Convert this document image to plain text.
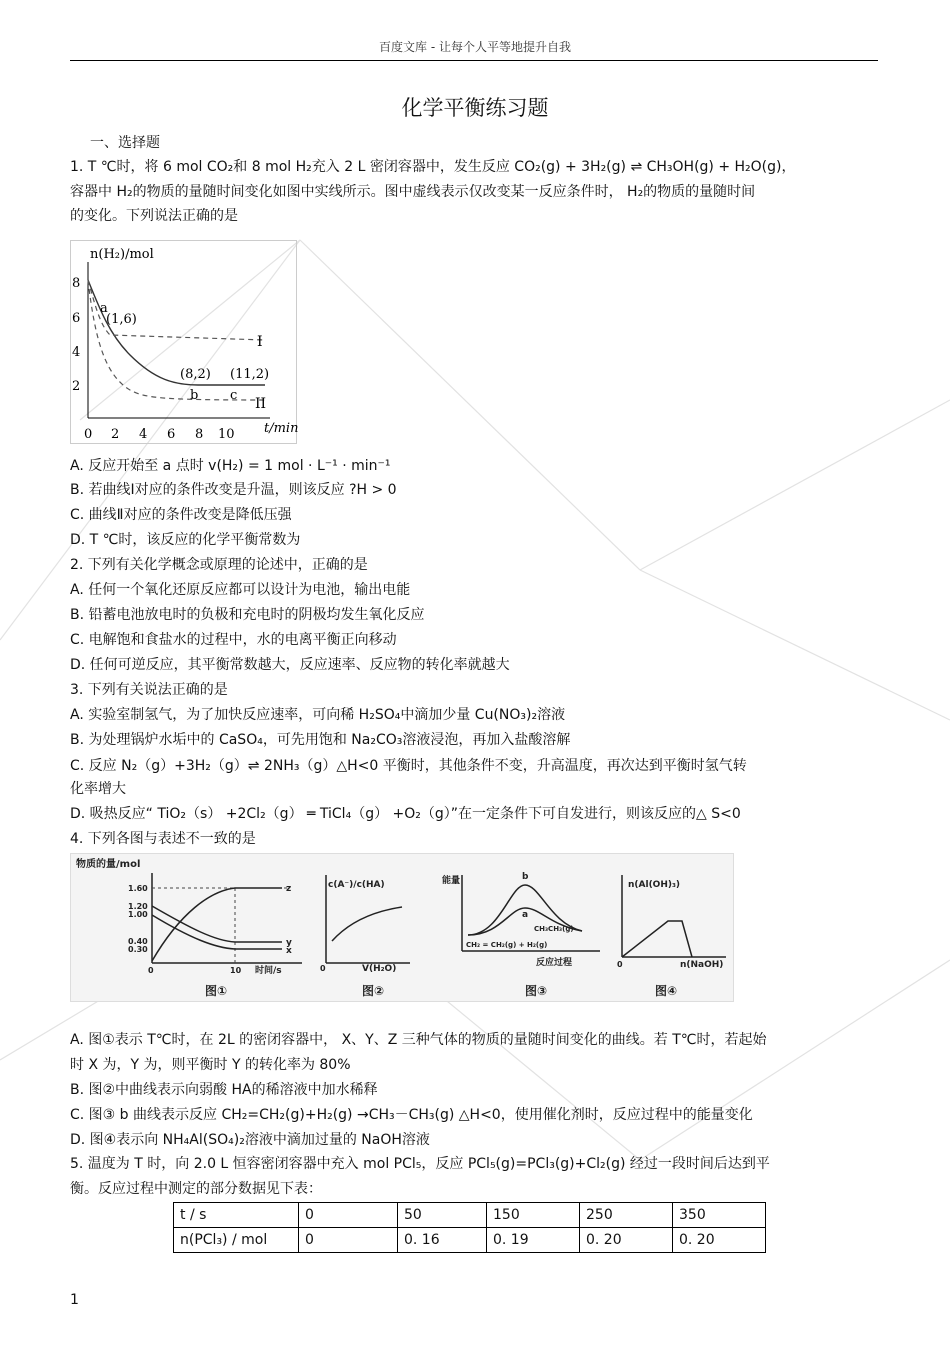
百度文库 - 让每个人平等地提升自我
化学平衡练习题
一、选择题
1. T ℃时，将 6 mol CO₂和 8 mol H₂充入 2 L 密闭容器中，发生反应 CO₂(g) + 3H₂(g) ⇌ CH₃OH(g) + H₂O(g)，
容器中 H₂的物质的量随时间变化如图中实线所示。图中虚线表示仅改变某一反应条件时， H₂的物质的量随时间
的变化。下列说法正确的是
n(H₂)/mol
8
6
4
2
0 2 4 6 8 10 t/min
a
(1,6)
(8,2) (11,2)
b c
I
II
A. 反应开始至 a 点时 v(H₂) = 1 mol · L⁻¹ · min⁻¹
B. 若曲线Ⅰ对应的条件改变是升温，则该反应 ?H > 0
C. 曲线Ⅱ对应的条件改变是降低压强
D. T ℃时，该反应的化学平衡常数为
2. 下列有关化学概念或原理的论述中，正确的是
A. 任何一个氧化还原反应都可以设计为电池，输出电能
B. 铅蓄电池放电时的负极和充电时的阴极均发生氧化反应
C. 电解饱和食盐水的过程中，水的电离平衡正向移动
D. 任何可逆反应，其平衡常数越大，反应速率、反应物的转化率就越大
3. 下列有关说法正确的是
A. 实验室制氢气，为了加快反应速率，可向稀 H₂SO₄中滴加少量 Cu(NO₃)₂溶液
B. 为处理锅炉水垢中的 CaSO₄，可先用饱和 Na₂CO₃溶液浸泡，再加入盐酸溶解
C. 反应 N₂（g）+3H₂（g）⇌ 2NH₃（g）△H<0 平衡时，其他条件不变，升高温度，再次达到平衡时氢气转
化率增大
D. 吸热反应“ TiO₂（s） +2Cl₂（g） ═ TiCl₄（g） +O₂（g）”在一定条件下可自发进行，则该反应的△ S<0
4. 下列各图与表述不一致的是
物质的量/mol
1.60
1.20
1.00
0.40
0.30
z
y
x
0	10 时间/s
图①
c(A⁻)/c(HA)
0	V(H₂O)
图②
能量	b
a
CH₃CH₃(g)
CH₂ = CH₂(g) + H₂(g)
反应过程
图③
n(Al(OH)₃)
0	n(NaOH)
图④
A. 图①表示 T℃时，在 2L 的密闭容器中， X、Y、Z 三种气体的物质的量随时间变化的曲线。若 T℃时，若起始
时 X 为，Y 为，则平衡时 Y 的转化率为 80%
B. 图②中曲线表示向弱酸 HA的稀溶液中加水稀释
C. 图③ b 曲线表示反应 CH₂=CH₂(g)+H₂(g) →CH₃－CH₃(g) △H<0，使用催化剂时，反应过程中的能量变化
D. 图④表示向 NH₄Al(SO₄)₂溶液中滴加过量的 NaOH溶液
5. 温度为 T 时，向 2.0 L 恒容密闭容器中充入 mol PCl₅，反应 PCl₅(g)=PCl₃(g)+Cl₂(g) 经过一段时间后达到平
衡。反应过程中测定的部分数据见下表：
t / s	0	50	150	250	350
n(PCl₃) / mol	0	0. 16	0. 19	0. 20	0. 20
1
